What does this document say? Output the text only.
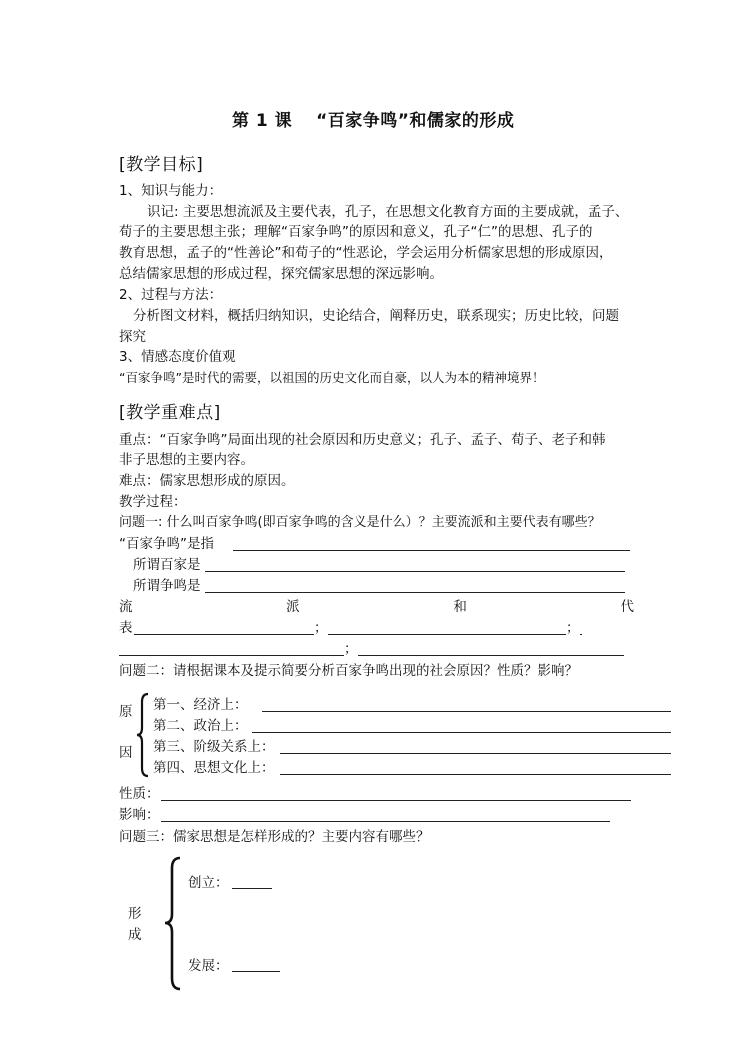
第 1 课　 “百家争鸣”和儒家的形成
[教学目标]
1、知识与能力：
识记: 主要思想流派及主要代表，孔子，在思想文化教育方面的主要成就，孟子、
荀子的主要思想主张；理解“百家争鸣”的原因和意义，孔子“仁”的思想、孔子的
教育思想，孟子的“性善论”和荀子的“性恶论，学会运用分析儒家思想的形成原因，
总结儒家思想的形成过程，探究儒家思想的深远影响。
2、过程与方法：
分析图文材料，概括归纳知识，史论结合，阐释历史，联系现实；历史比较，问题
探究
3、情感态度价值观
“百家争鸣”是时代的需要，以祖国的历史文化而自豪，以人为本的精神境界！
[教学重难点]
重点：“百家争鸣”局面出现的社会原因和历史意义；孔子、孟子、荀子、老子和韩
非子思想的主要内容。
难点：儒家思想形成的原因。
教学过程：
问题一: 什么叫百家争鸣(即百家争鸣的含义是什么）？主要流派和主要代表有哪些？
“百家争鸣”是指
所谓百家是
所谓争鸣是
流	派	和	代
表	；	；
；
问题二：请根据课本及提示简要分析百家争鸣出现的社会原因？性质？影响？
原
因
第一、经济上：
第二、政治上：
第三、阶级关系上：
第四、思想文化上：
性质：
影响：
问题三：儒家思想是怎样形成的？主要内容有哪些？
形
成
创立：
发展：
